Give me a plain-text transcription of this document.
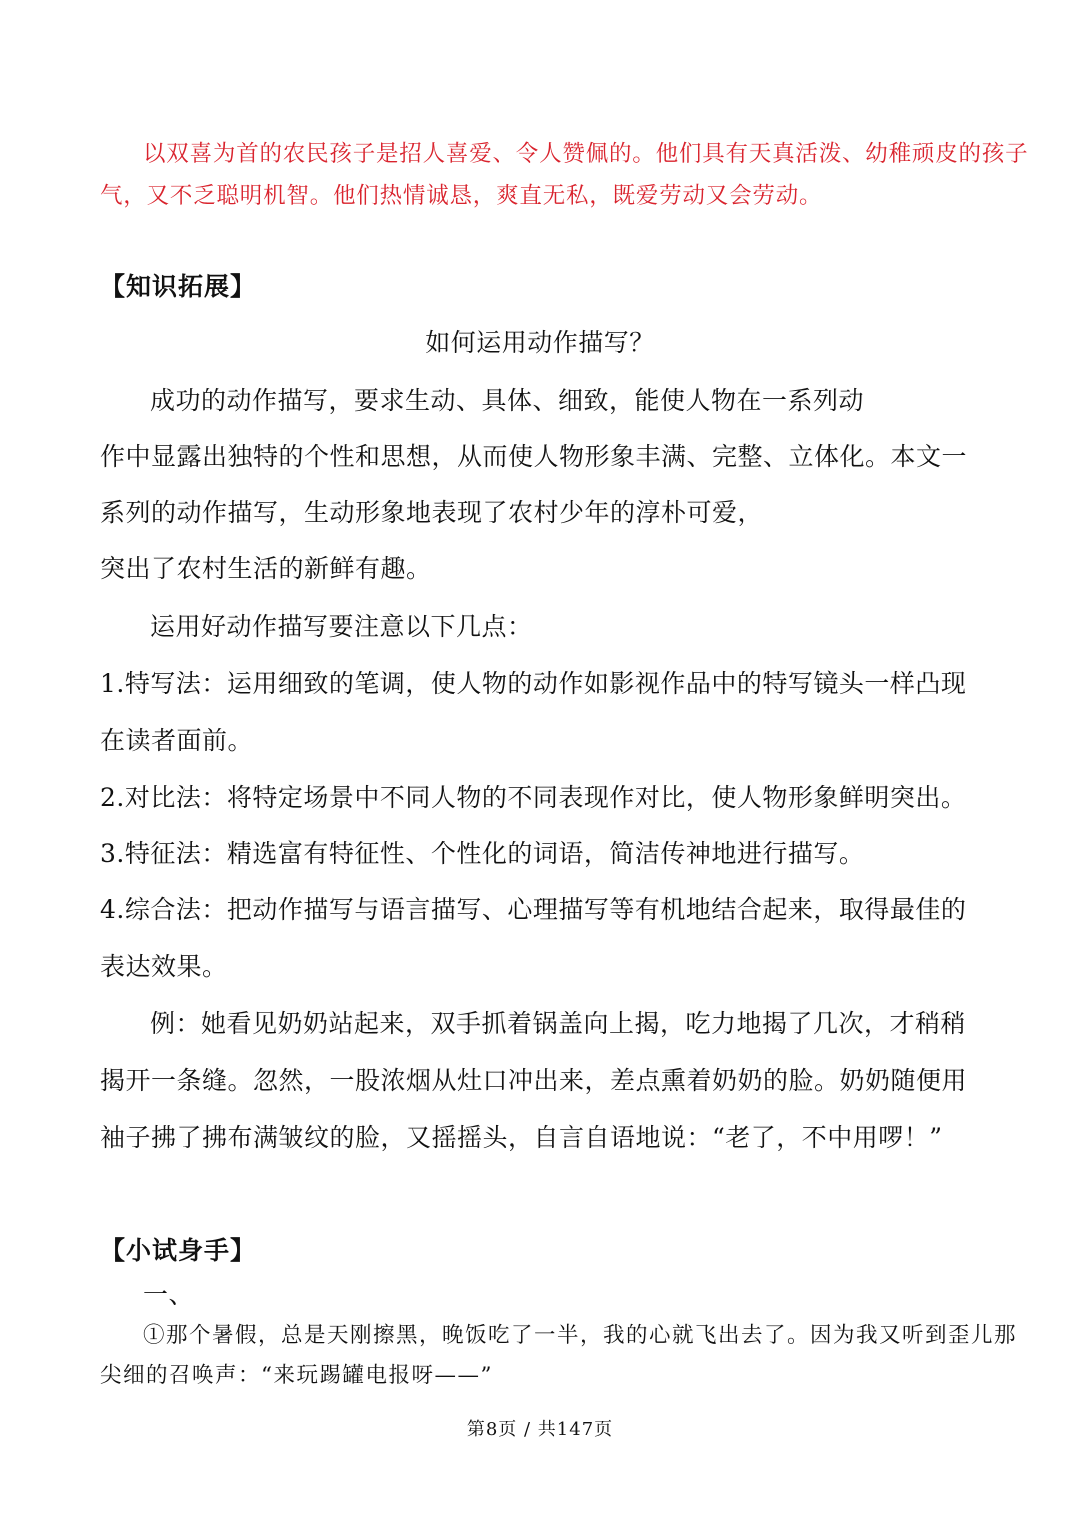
以双喜为首的农民孩子是招人喜爱、令人赞佩的。他们具有天真活泼、幼稚顽皮的孩子
气，又不乏聪明机智。他们热情诚恳，爽直无私，既爱劳动又会劳动。
【知识拓展】
如何运用动作描写？
成功的动作描写，要求生动、具体、细致，能使人物在一系列动
作中显露出独特的个性和思想，从而使人物形象丰满、完整、立体化。本文一
系列的动作描写，生动形象地表现了农村少年的淳朴可爱，
突出了农村生活的新鲜有趣。
运用好动作描写要注意以下几点：
1.特写法：运用细致的笔调，使人物的动作如影视作品中的特写镜头一样凸现
在读者面前。
2.对比法：将特定场景中不同人物的不同表现作对比，使人物形象鲜明突出。
3.特征法：精选富有特征性、个性化的词语，简洁传神地进行描写。
4.综合法：把动作描写与语言描写、心理描写等有机地结合起来，取得最佳的
表达效果。
例：她看见奶奶站起来，双手抓着锅盖向上揭，吃力地揭了几次，才稍稍
揭开一条缝。忽然，一股浓烟从灶口冲出来，差点熏着奶奶的脸。奶奶随便用
袖子拂了拂布满皱纹的脸，又摇摇头，自言自语地说：“老了，不中用啰！”
【小试身手】
一、
①那个暑假，总是天刚擦黑，晚饭吃了一半，我的心就飞出去了。因为我又听到歪儿那
尖细的召唤声：“来玩踢罐电报呀——”
第8页 / 共147页
